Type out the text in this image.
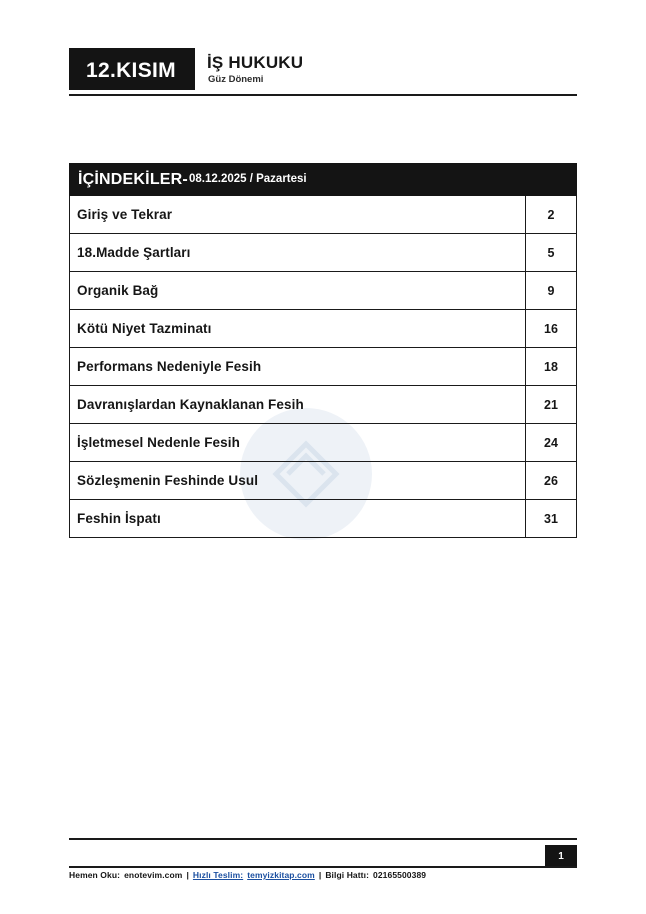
12.KISIM İŞ HUKUKU
Güz Dönemi
İÇİNDEKİLER- 08.12.2025 / Pazartesi
Giriş ve Tekrar	2
18.Madde Şartları	5
Organik Bağ	9
Kötü Niyet Tazminatı	16
Performans Nedeniyle Fesih	18
Davranışlardan Kaynaklanan Fesih	21
İşletmesel Nedenle Fesih	24
Sözleşmenin Feshinde Usul	26
Feshin İspatı	31
1
Hemen Oku: enotevim.com | Hızlı Teslim: temyizkitap.com | Bilgi Hattı: 02165500389
